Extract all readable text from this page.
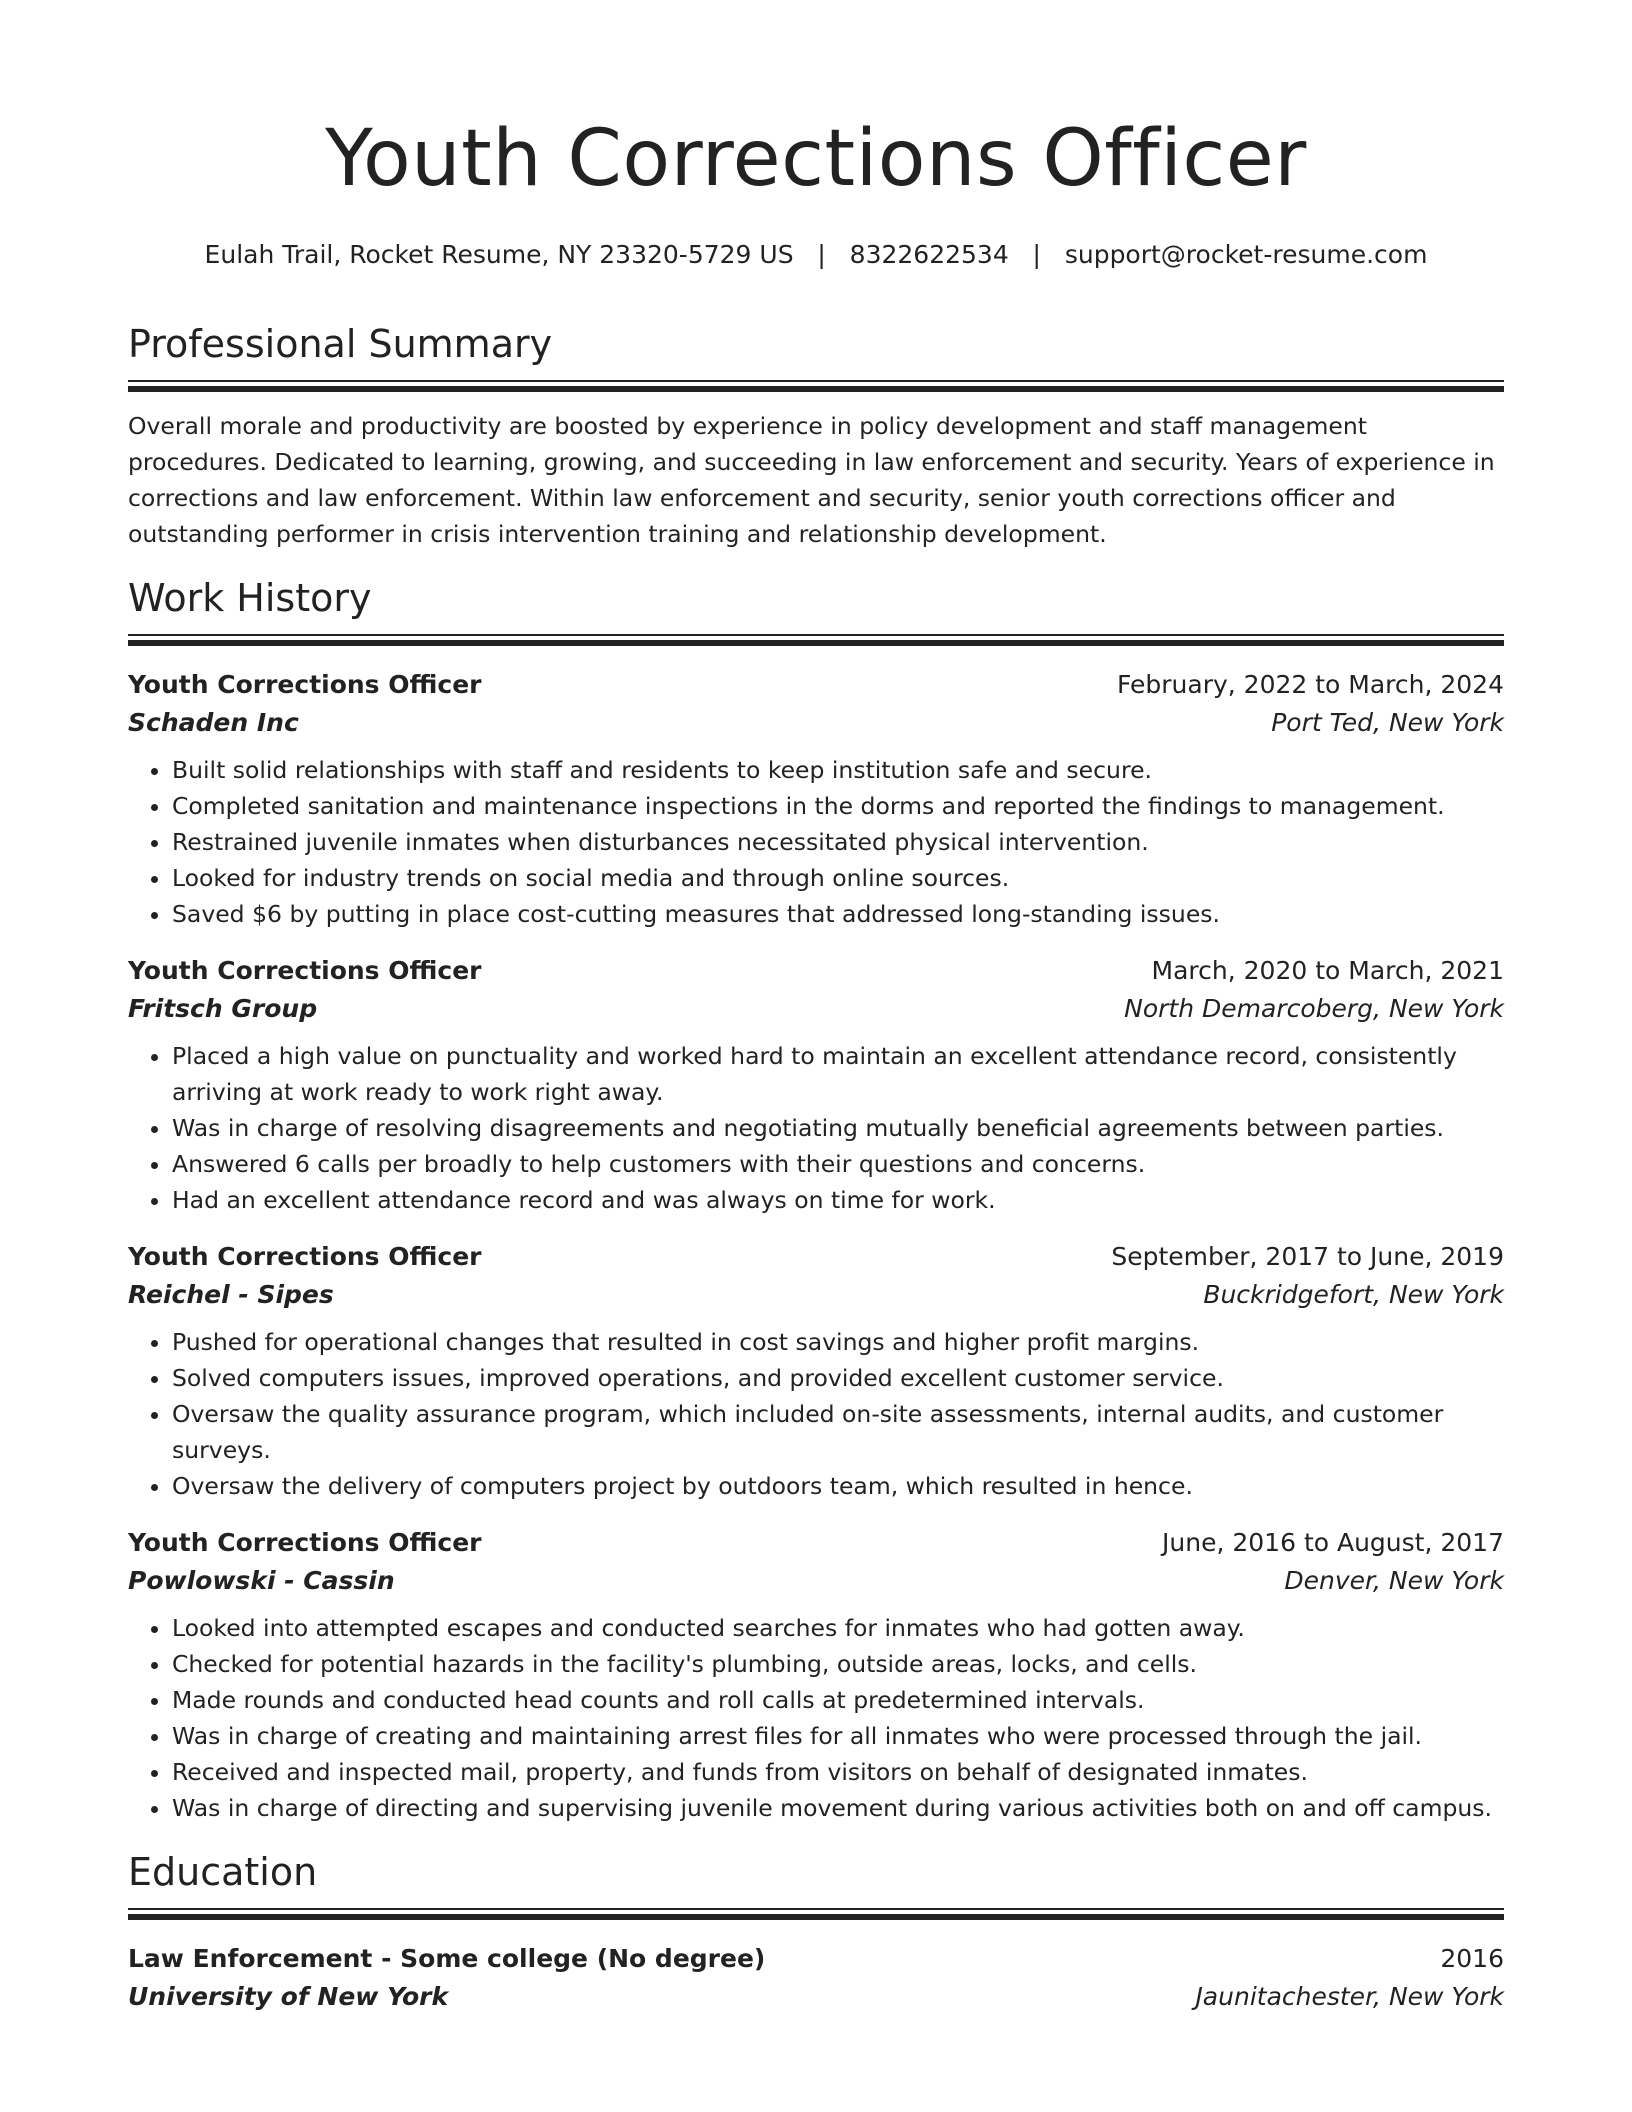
Youth Corrections Officer
Eulah Trail, Rocket Resume, NY 23320-5729 US   |   8322622534   |   support@rocket-resume.com
Professional Summary
Overall morale and productivity are boosted by experience in policy development and staff management procedures. Dedicated to learning, growing, and succeeding in law enforcement and security. Years of experience in corrections and law enforcement. Within law enforcement and security, senior youth corrections officer and outstanding performer in crisis intervention training and relationship development.
Work History
Youth Corrections Officer	February, 2022 to March, 2024
Schaden Inc	Port Ted, New York
• Built solid relationships with staff and residents to keep institution safe and secure.
• Completed sanitation and maintenance inspections in the dorms and reported the findings to management.
• Restrained juvenile inmates when disturbances necessitated physical intervention.
• Looked for industry trends on social media and through online sources.
• Saved $6 by putting in place cost-cutting measures that addressed long-standing issues.
Youth Corrections Officer	March, 2020 to March, 2021
Fritsch Group	North Demarcoberg, New York
• Placed a high value on punctuality and worked hard to maintain an excellent attendance record, consistently arriving at work ready to work right away.
• Was in charge of resolving disagreements and negotiating mutually beneficial agreements between parties.
• Answered 6 calls per broadly to help customers with their questions and concerns.
• Had an excellent attendance record and was always on time for work.
Youth Corrections Officer	September, 2017 to June, 2019
Reichel - Sipes	Buckridgefort, New York
• Pushed for operational changes that resulted in cost savings and higher profit margins.
• Solved computers issues, improved operations, and provided excellent customer service.
• Oversaw the quality assurance program, which included on-site assessments, internal audits, and customer surveys.
• Oversaw the delivery of computers project by outdoors team, which resulted in hence.
Youth Corrections Officer	June, 2016 to August, 2017
Powlowski - Cassin	Denver, New York
• Looked into attempted escapes and conducted searches for inmates who had gotten away.
• Checked for potential hazards in the facility's plumbing, outside areas, locks, and cells.
• Made rounds and conducted head counts and roll calls at predetermined intervals.
• Was in charge of creating and maintaining arrest files for all inmates who were processed through the jail.
• Received and inspected mail, property, and funds from visitors on behalf of designated inmates.
• Was in charge of directing and supervising juvenile movement during various activities both on and off campus.
Education
Law Enforcement - Some college (No degree)	2016
University of New York	Jaunitachester, New York
